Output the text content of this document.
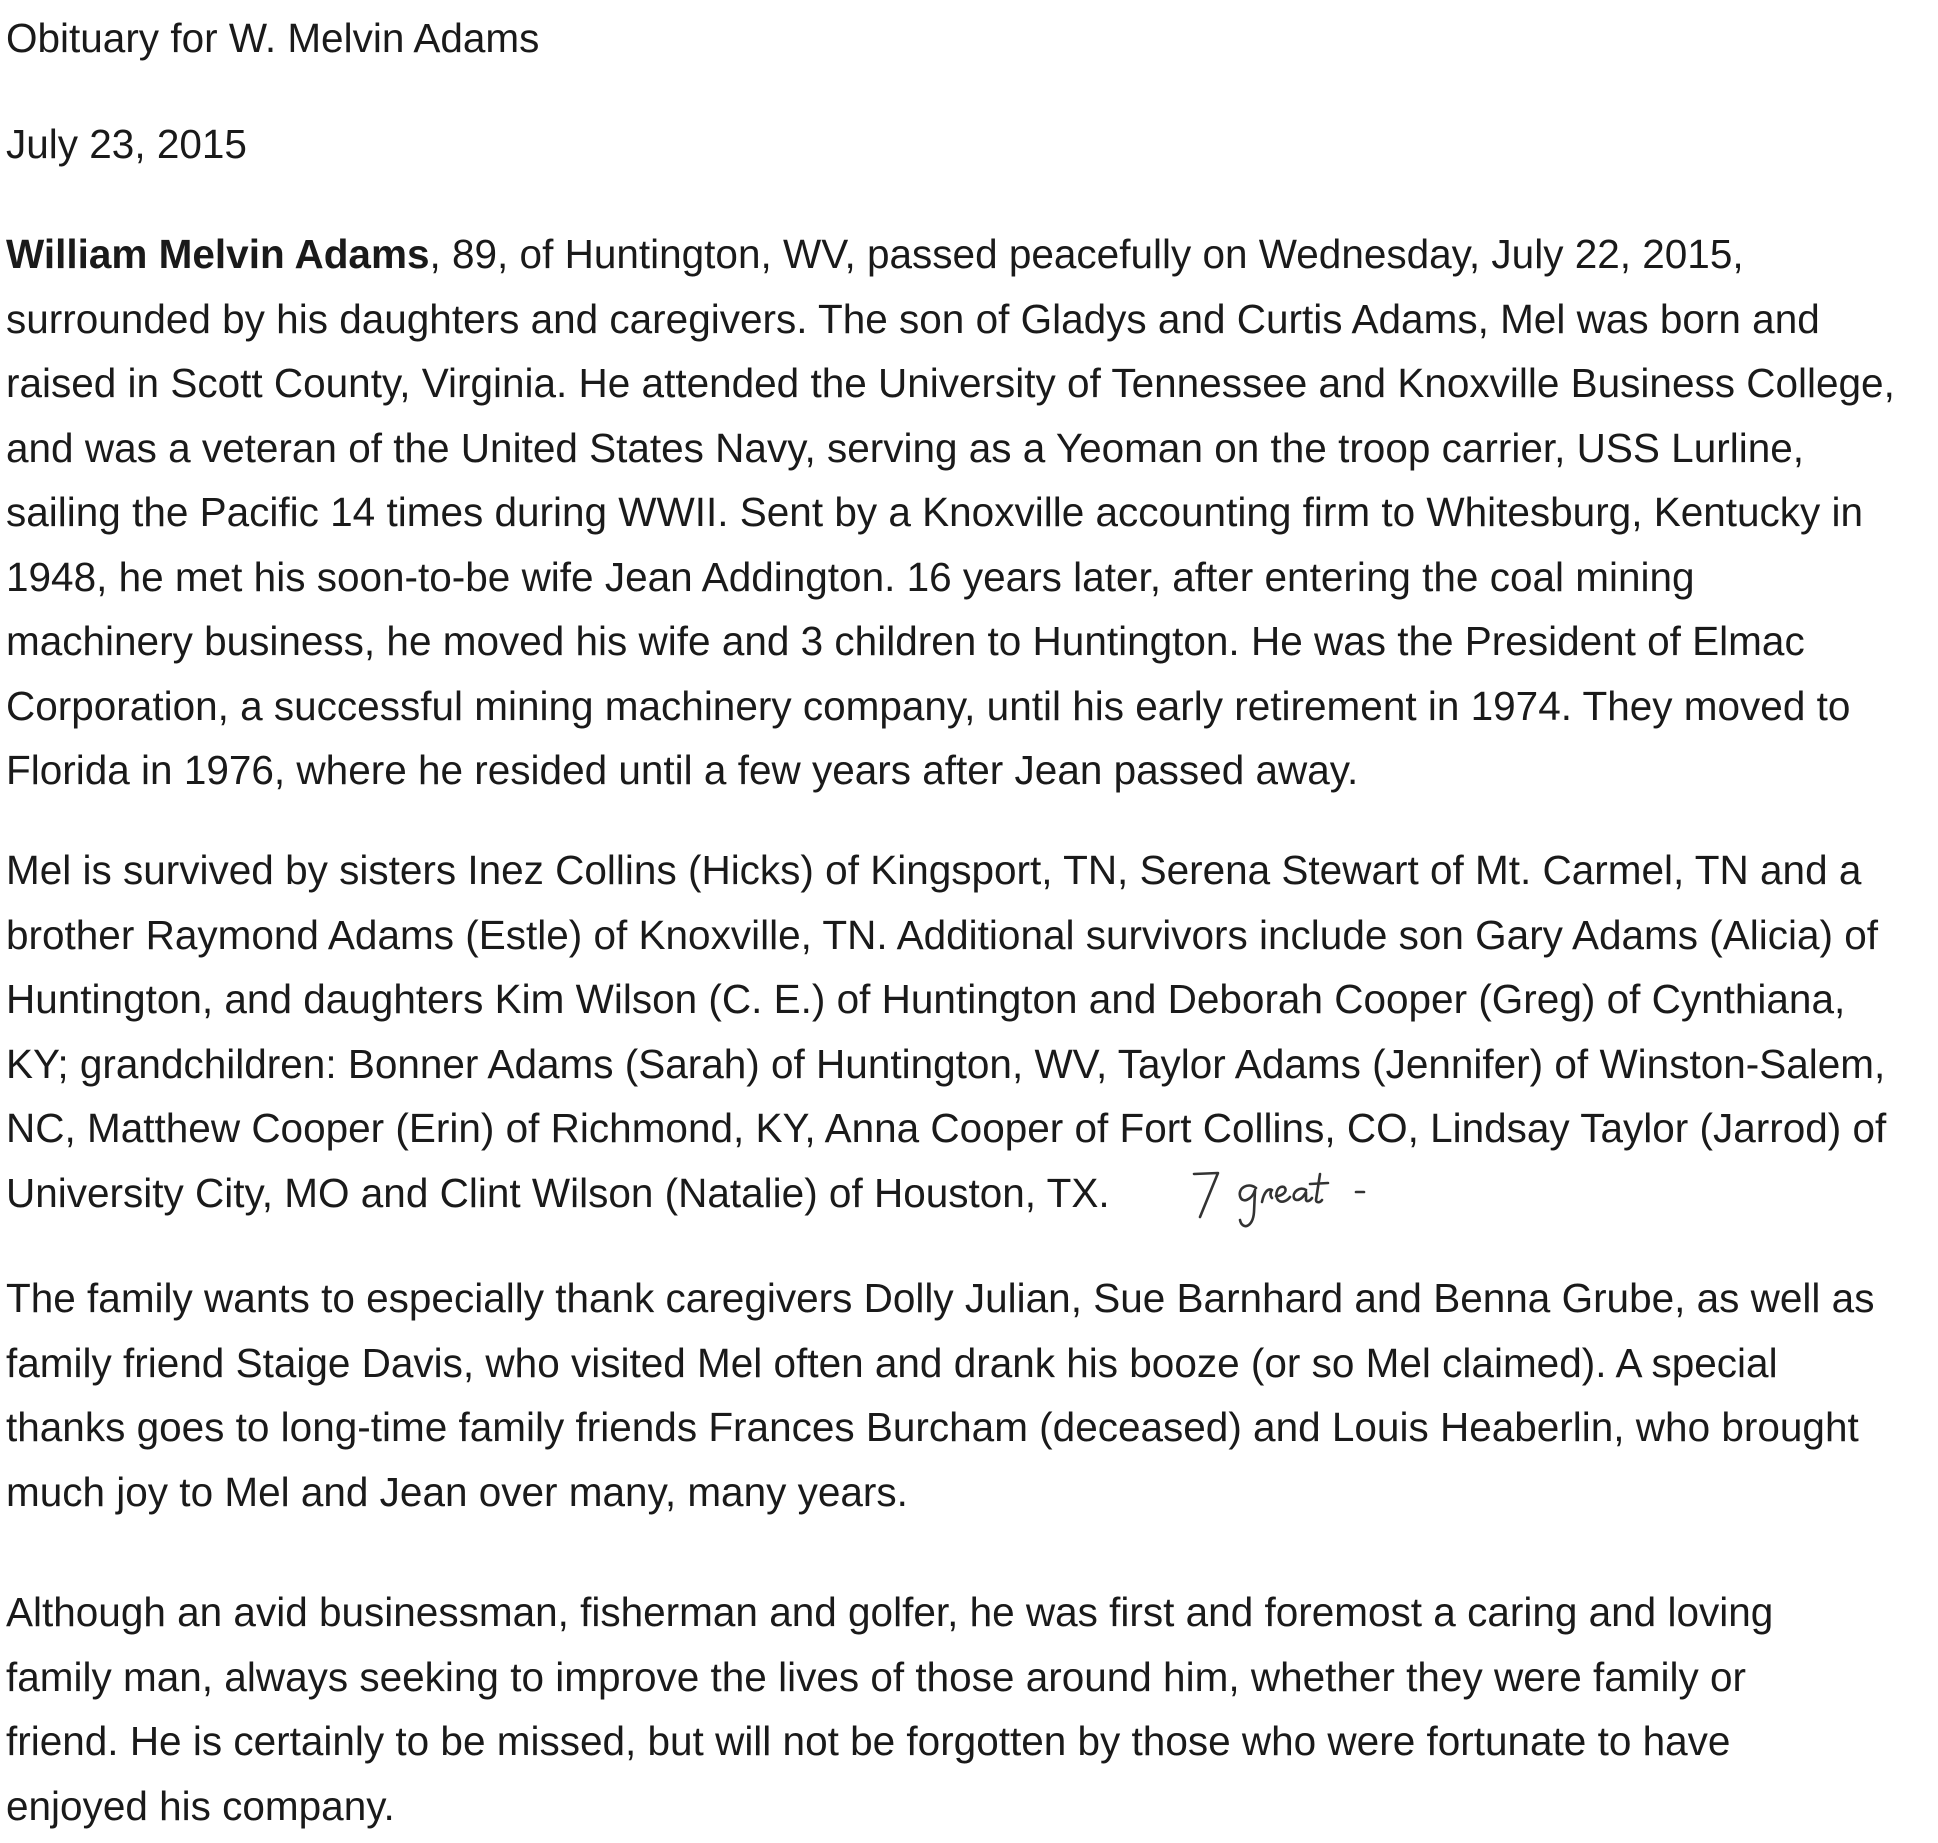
Obituary for W. Melvin Adams

July 23, 2015

William Melvin Adams, 89, of Huntington, WV, passed peacefully on Wednesday, July 22, 2015,
surrounded by his daughters and caregivers. The son of Gladys and Curtis Adams, Mel was born and
raised in Scott County, Virginia. He attended the University of Tennessee and Knoxville Business College,
and was a veteran of the United States Navy, serving as a Yeoman on the troop carrier, USS Lurline,
sailing the Pacific 14 times during WWII. Sent by a Knoxville accounting firm to Whitesburg, Kentucky in
1948, he met his soon-to-be wife Jean Addington. 16 years later, after entering the coal mining
machinery business, he moved his wife and 3 children to Huntington. He was the President of Elmac
Corporation, a successful mining machinery company, until his early retirement in 1974. They moved to
Florida in 1976, where he resided until a few years after Jean passed away.
Mel is survived by sisters Inez Collins (Hicks) of Kingsport, TN, Serena Stewart of Mt. Carmel, TN and a
brother Raymond Adams (Estle) of Knoxville, TN. Additional survivors include son Gary Adams (Alicia) of
Huntington, and daughters Kim Wilson (C. E.) of Huntington and Deborah Cooper (Greg) of Cynthiana,
KY; grandchildren: Bonner Adams (Sarah) of Huntington, WV, Taylor Adams (Jennifer) of Winston-Salem,
NC, Matthew Cooper (Erin) of Richmond, KY, Anna Cooper of Fort Collins, CO, Lindsay Taylor (Jarrod) of
University City, MO and Clint Wilson (Natalie) of Houston, TX.
The family wants to especially thank caregivers Dolly Julian, Sue Barnhard and Benna Grube, as well as
family friend Staige Davis, who visited Mel often and drank his booze (or so Mel claimed). A special
thanks goes to long-time family friends Frances Burcham (deceased) and Louis Heaberlin, who brought
much joy to Mel and Jean over many, many years.
Although an avid businessman, fisherman and golfer, he was first and foremost a caring and loving
family man, always seeking to improve the lives of those around him, whether they were family or
friend. He is certainly to be missed, but will not be forgotten by those who were fortunate to have
enjoyed his company.
